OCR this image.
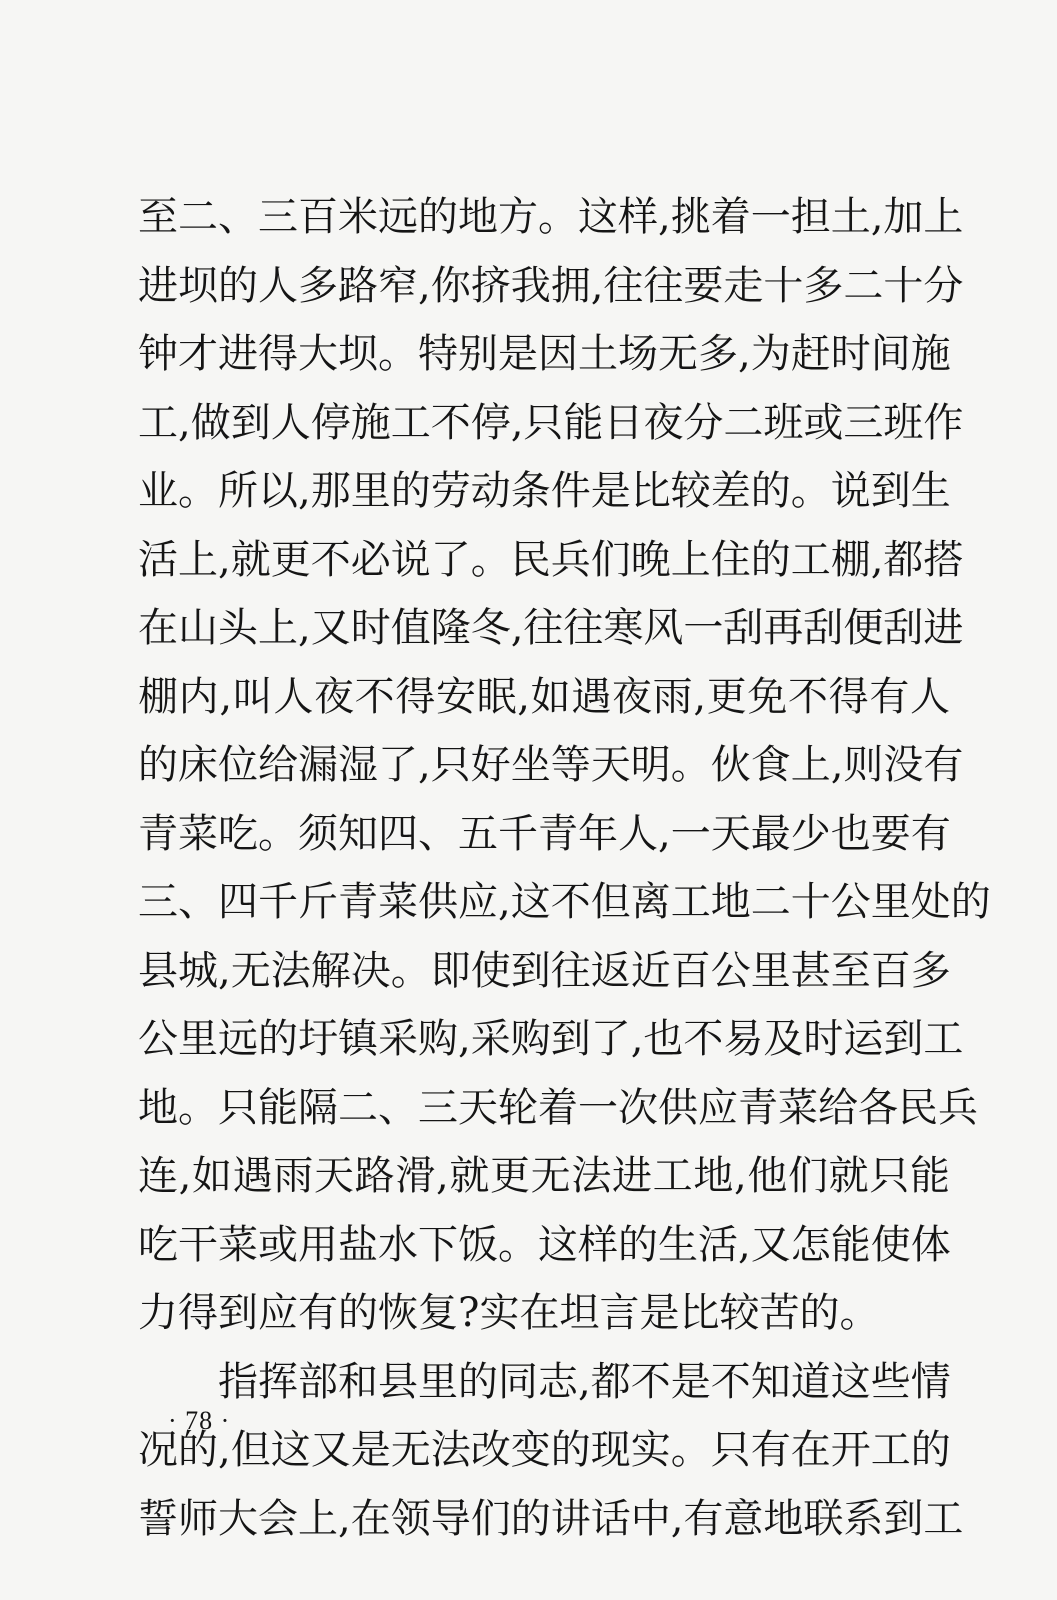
至二、三百米远的地方。这样,挑着一担土,加上
进坝的人多路窄,你挤我拥,往往要走十多二十分
钟才进得大坝。特别是因土场无多,为赶时间施
工,做到人停施工不停,只能日夜分二班或三班作
业。所以,那里的劳动条件是比较差的。说到生
活上,就更不必说了。民兵们晚上住的工棚,都搭
在山头上,又时值隆冬,往往寒风一刮再刮便刮进
棚内,叫人夜不得安眠,如遇夜雨,更免不得有人
的床位给漏湿了,只好坐等天明。伙食上,则没有
青菜吃。须知四、五千青年人,一天最少也要有
三、四千斤青菜供应,这不但离工地二十公里处的
县城,无法解决。即使到往返近百公里甚至百多
公里远的圩镇采购,采购到了,也不易及时运到工
地。只能隔二、三天轮着一次供应青菜给各民兵
连,如遇雨天路滑,就更无法进工地,他们就只能
吃干菜或用盐水下饭。这样的生活,又怎能使体
力得到应有的恢复?实在坦言是比较苦的。
指挥部和县里的同志,都不是不知道这些情
况的,但这又是无法改变的现实。只有在开工的
誓师大会上,在领导们的讲话中,有意地联系到工
· 78 ·
